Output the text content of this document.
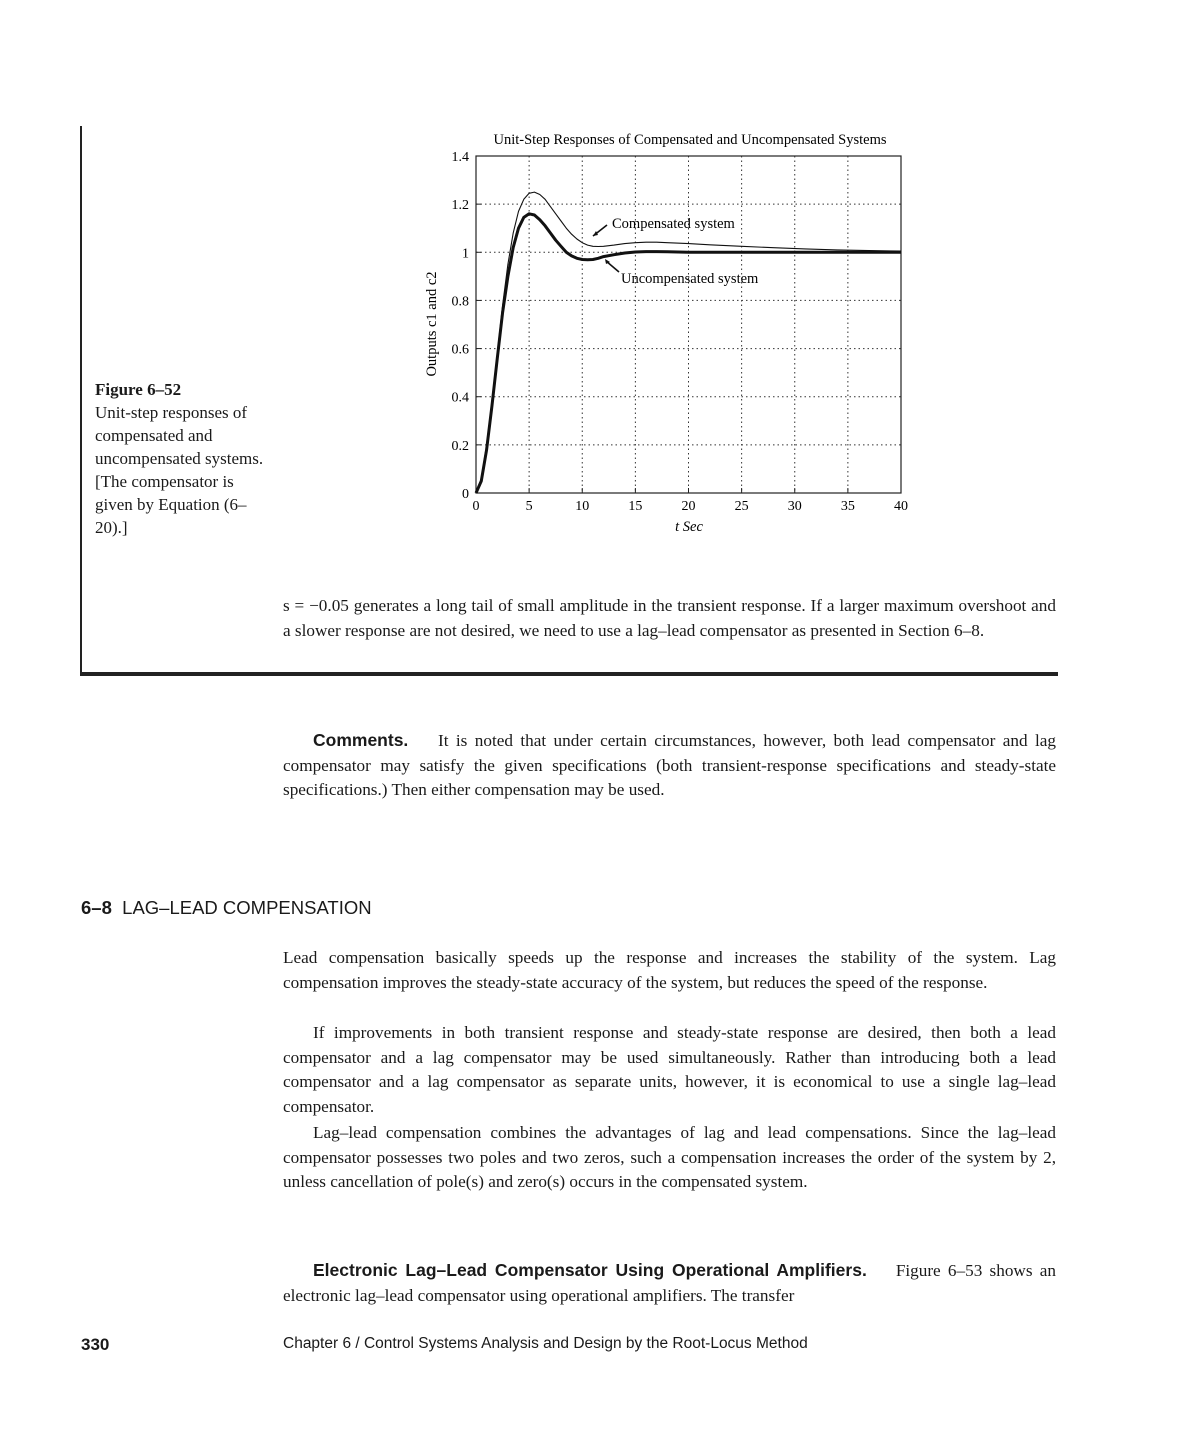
Figure 6–52
Unit-step responses of compensated and uncompensated systems. [The compensator is given by Equation (6–20).]
Unit-Step Responses of Compensated and Uncompensated Systems
0	5	10	15	20	25	30	35	40
0
0.2
0.4
0.6
0.8
1
1.2
1.4
Compensated system
Uncompensated system
t Sec
Outputs c1 and c2

s = −0.05 generates a long tail of small amplitude in the transient response. If a larger maximum overshoot and a slower response are not desired, we need to use a lag–lead compensator as presented in Section 6–8.

Comments. It is noted that under certain circumstances, however, both lead compensator and lag compensator may satisfy the given specifications (both transient-response specifications and steady-state specifications.) Then either compensation may be used.

6–8 LAG–LEAD COMPENSATION

Lead compensation basically speeds up the response and increases the stability of the system. Lag compensation improves the steady-state accuracy of the system, but reduces the speed of the response.

If improvements in both transient response and steady-state response are desired, then both a lead compensator and a lag compensator may be used simultaneously. Rather than introducing both a lead compensator and a lag compensator as separate units, however, it is economical to use a single lag–lead compensator.

Lag–lead compensation combines the advantages of lag and lead compensations. Since the lag–lead compensator possesses two poles and two zeros, such a compensation increases the order of the system by 2, unless cancellation of pole(s) and zero(s) occurs in the compensated system.

Electronic Lag–Lead Compensator Using Operational Amplifiers. Figure 6–53 shows an electronic lag–lead compensator using operational amplifiers. The transfer

330	Chapter 6 / Control Systems Analysis and Design by the Root-Locus Method
